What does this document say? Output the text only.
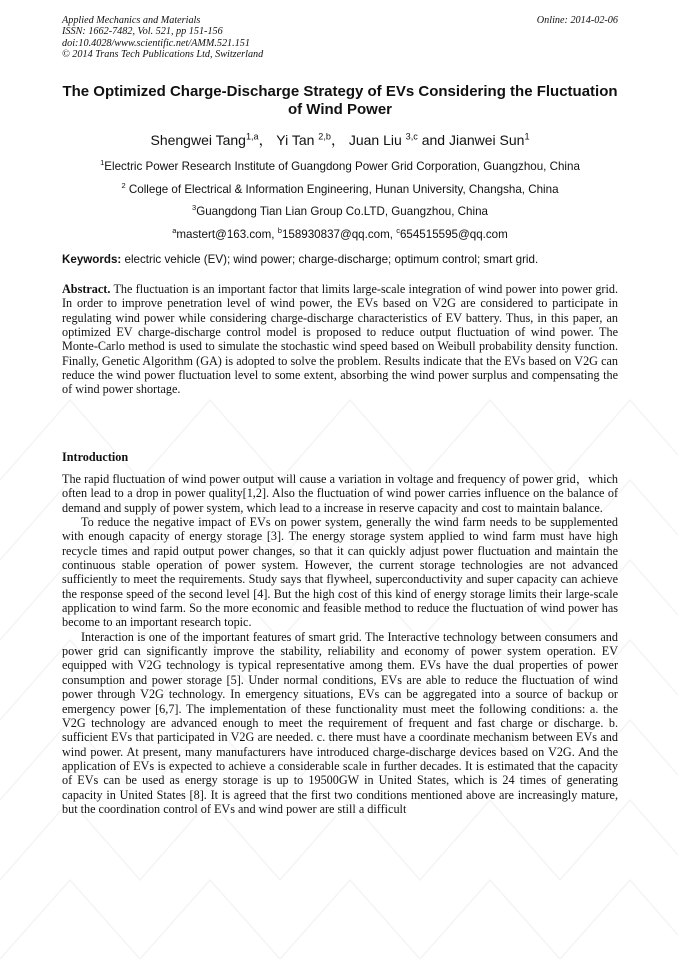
Applied Mechanics and Materials
ISSN: 1662-7482, Vol. 521, pp 151-156
doi:10.4028/www.scientific.net/AMM.521.151
© 2014 Trans Tech Publications Ltd, Switzerland
Online: 2014-02-06
The Optimized Charge-Discharge Strategy of EVs Considering the Fluctuation of Wind Power
Shengwei Tang$^{1,a}$， Yi Tan $^{2,b}$， Juan Liu $^{3,c}$ and Jianwei Sun$^1$
$^1$Electric Power Research Institute of Guangdong Power Grid Corporation, Guangzhou, China
$^2$ College of Electrical & Information Engineering, Hunan University, Changsha, China
$^3$Guangdong Tian Lian Group Co.LTD, Guangzhou, China
$^a$mastert@163.com, $^b$158930837@qq.com, $^c$654515595@qq.com
Keywords: electric vehicle (EV); wind power; charge-discharge; optimum control; smart grid.
Abstract. The fluctuation is an important factor that limits large-scale integration of wind power into power grid. In order to improve penetration level of wind power, the EVs based on V2G are considered to participate in regulating wind power while considering charge-discharge characteristics of EV battery. Thus, in this paper, an optimized EV charge-discharge control model is proposed to reduce output fluctuation of wind power. The Monte-Carlo method is used to simulate the stochastic wind speed based on Weibull probability density function. Finally, Genetic Algorithm (GA) is adopted to solve the problem. Results indicate that the EVs based on V2G can reduce the wind power fluctuation level to some extent, absorbing the wind power surplus and compensating the of wind power shortage.
Introduction

The rapid fluctuation of wind power output will cause a variation in voltage and frequency of power grid，which often lead to a drop in power quality[1,2]. Also the fluctuation of wind power carries influence on the balance of demand and supply of power system, which lead to a increase in reserve capacity and cost to maintain balance.

To reduce the negative impact of EVs on power system, generally the wind farm needs to be supplemented with enough capacity of energy storage [3]. The energy storage system applied to wind farm must have high recycle times and rapid output power changes, so that it can quickly adjust power fluctuation and maintain the continuous stable operation of power system. However, the current storage technologies are not advanced sufficiently to meet the requirements. Study says that flywheel, superconductivity and super capacity can achieve the response speed of the second level [4]. But the high cost of this kind of energy storage limits their large-scale application to wind farm. So the more economic and feasible method to reduce the fluctuation of wind power has become to an important research topic.

Interaction is one of the important features of smart grid. The Interactive technology between consumers and power grid can significantly improve the stability, reliability and economy of power system operation. EV equipped with V2G technology is typical representative among them. EVs have the dual properties of power consumption and power storage [5]. Under normal conditions, EVs are able to reduce the fluctuation of wind power through V2G technology. In emergency situations, EVs can be aggregated into a source of backup or emergency power [6,7]. The implementation of these functionality must meet the following conditions: a. the V2G technology are advanced enough to meet the requirement of frequent and fast charge or discharge. b. sufficient EVs that participated in V2G are needed. c. there must have a coordinate mechanism between EVs and wind power. At present, many manufacturers have introduced charge-discharge devices based on V2G. And the application of EVs is expected to achieve a considerable scale in further decades. It is estimated that the capacity of EVs can be used as energy storage is up to 19500GW in United States, which is 24 times of generating capacity in United States [8]. It is agreed that the first two conditions mentioned above are increasingly mature, but the coordination control of EVs and wind power are still a difficult
